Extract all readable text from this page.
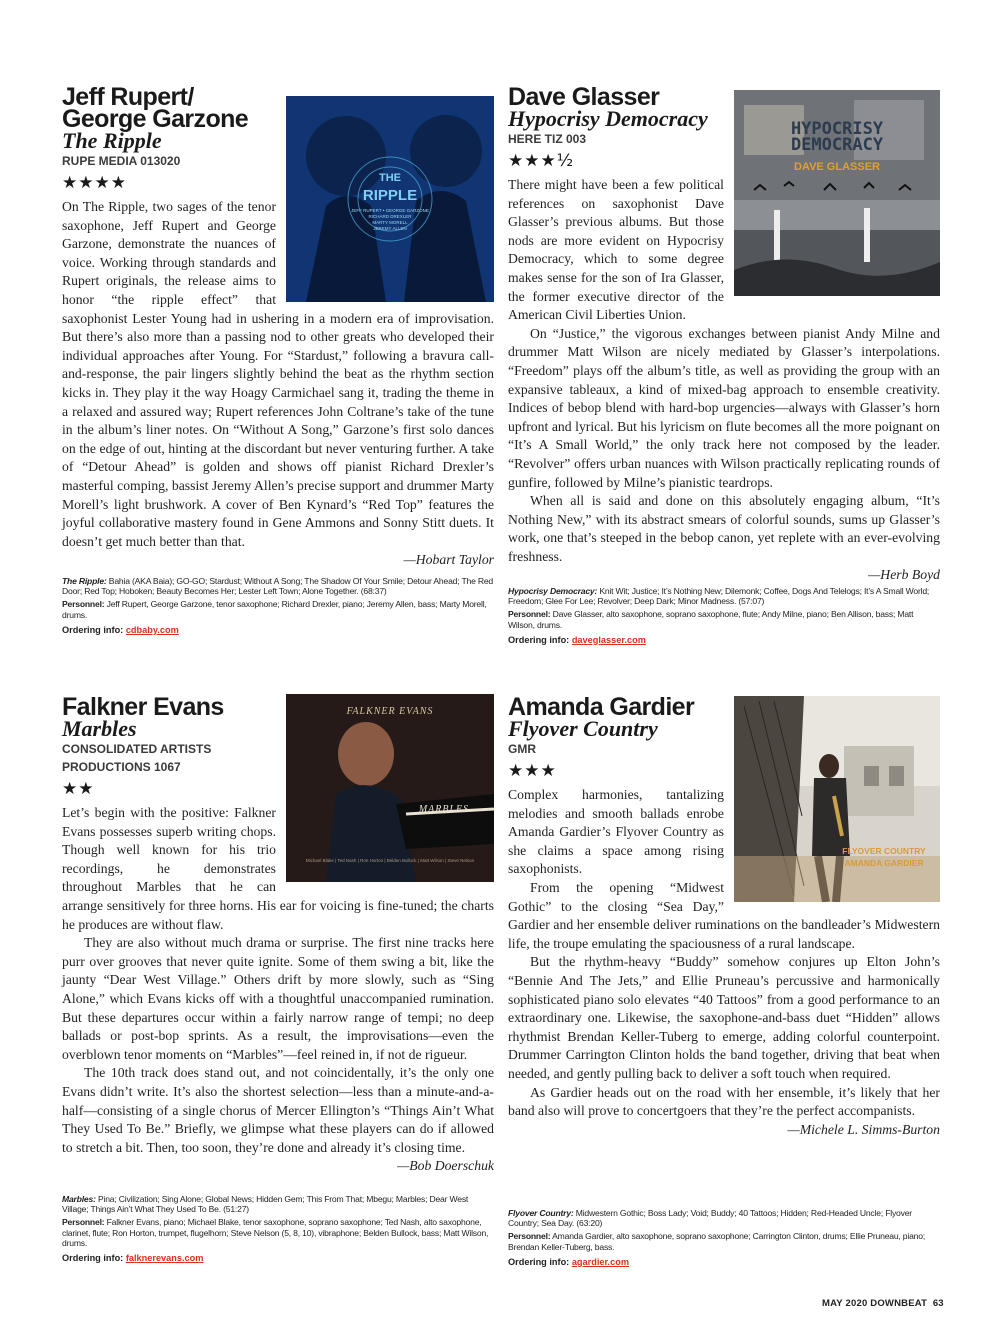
Jeff Rupert/ George Garzone
The Ripple
RUPE MEDIA 013020
★★★★	THE
RIPPLE
JEFF RUPERT • GEORGE GARZONE
RICHARD DREXLER
MARTY MORELL
JEREMY ALLEN

On The Ripple, two sages of the tenor saxophone, Jeff Rupert and George Garzone, demonstrate the nuances of voice. Working through standards and Rupert originals, the release aims to honor “the ripple effect” that saxophonist Lester Young had in ushering in a modern era of improvisation. But there’s also more than a passing nod to other greats who developed their individual approaches after Young. For “Stardust,” following a bravura call-and-response, the pair lingers slightly behind the beat as the rhythm section kicks in. They play it the way Hoagy Carmichael sang it, trading the theme in a relaxed and assured way; Rupert references John Coltrane’s take of the tune in the album’s liner notes. On “Without A Song,” Garzone’s first solo dances on the edge of out, hinting at the discordant but never venturing further. A take of “Detour Ahead” is golden and shows off pianist Richard Drexler’s masterful comping, bassist Jeremy Allen’s precise support and drummer Marty Morell’s light brushwork. A cover of Ben Kynard’s “Red Top” features the joyful collaborative mastery found in Gene Ammons and Sonny Stitt duets. It doesn’t get much better than that.

—Hobart Taylor

The Ripple: Bahia (AKA Baia); GO-GO; Stardust; Without A Song; The Shadow Of Your Smile; Detour Ahead; The Red Door; Red Top; Hoboken; Beauty Becomes Her; Lester Left Town; Alone Together. (68:37)

Personnel: Jeff Rupert, George Garzone, tenor saxophone; Richard Drexler, piano; Jeremy Allen, bass; Marty Morell, drums.

Ordering info: cdbaby.com

Dave Glasser
Hypocrisy Democracy
HERE TIZ 003
★★★½
HYPOCRISY
DEMOCRACY
DAVE GLASSER

There might have been a few political references on saxophonist Dave Glasser’s previous albums. But those nods are more evident on Hypocrisy Democracy, which to some degree makes sense for the son of Ira Glasser, the former executive director of the American Civil Liberties Union.

On “Justice,” the vigorous exchanges between pianist Andy Milne and drummer Matt Wilson are nicely mediated by Glasser’s interpolations. “Freedom” plays off the album’s title, as well as providing the group with an expansive tableaux, a kind of mixed-bag approach to ensemble creativity. Indices of bebop blend with hard-bop urgencies—always with Glasser’s horn upfront and lyrical. But his lyricism on flute becomes all the more poignant on “It’s A Small World,” the only track here not composed by the leader. “Revolver” offers urban nuances with Wilson practically replicating rounds of gunfire, followed by Milne’s pianistic teardrops.

When all is said and done on this absolutely engaging album, “It’s Nothing New,” with its abstract smears of colorful sounds, sums up Glasser’s work, one that’s steeped in the bebop canon, yet replete with an ever-evolving freshness.

—Herb Boyd

Hypocrisy Democracy: Knit Wit; Justice; It’s Nothing New; Dilemonk; Coffee, Dogs And Telelogs; It’s A Small World; Freedom; Glee For Lee; Revolver; Deep Dark; Minor Madness. (57:07)

Personnel: Dave Glasser, alto saxophone, soprano saxophone, flute; Andy Milne, piano; Ben Allison, bass; Matt Wilson, drums.

Ordering info: daveglasser.com

Falkner Evans
Marbles
CONSOLIDATED ARTISTS PRODUCTIONS 1067
★★
FALKNER EVANS
MARBLES
Michael Blake | Ted Nash | Ron Horton | Belden Bullock | Matt Wilson | Steve Nelson

Let’s begin with the positive: Falkner Evans possesses superb writing chops. Though well known for his trio recordings, he demonstrates throughout Marbles that he can arrange sensitively for three horns. His ear for voicing is fine-tuned; the charts he produces are without flaw.

They are also without much drama or surprise. The first nine tracks here purr over grooves that never quite ignite. Some of them swing a bit, like the jaunty “Dear West Village.” Others drift by more slowly, such as “Sing Alone,” which Evans kicks off with a thoughtful unaccompanied rumination. But these departures occur within a fairly narrow range of tempi; no deep ballads or post-bop sprints. As a result, the improvisations—even the overblown tenor moments on “Marbles”—feel reined in, if not de rigueur.

The 10th track does stand out, and not coincidentally, it’s the only one Evans didn’t write. It’s also the shortest selection—less than a minute-and-a-half—consisting of a single chorus of Mercer Ellington’s “Things Ain’t What They Used To Be.” Briefly, we glimpse what these players can do if allowed to stretch a bit. Then, too soon, they’re done and already it’s closing time.

—Bob Doerschuk

Marbles: Pina; Civilization; Sing Alone; Global News; Hidden Gem; This From That; Mbegu; Marbles; Dear West Village; Things Ain’t What They Used To Be. (51:27)

Personnel: Falkner Evans, piano; Michael Blake, tenor saxophone, soprano saxophone; Ted Nash, alto saxophone, clarinet, flute; Ron Horton, trumpet, flugelhorn; Steve Nelson (5, 8, 10), vibraphone; Belden Bullock, bass; Matt Wilson, drums.

Ordering info: falknerevans.com

Amanda Gardier
Flyover Country
GMR
★★★
FLYOVER COUNTRY
AMANDA GARDIER

Complex harmonies, tantalizing melodies and smooth ballads enrobe Amanda Gardier’s Flyover Country as she claims a space among rising saxophonists.

From the opening “Midwest Gothic” to the closing “Sea Day,” Gardier and her ensemble deliver ruminations on the bandleader’s Midwestern life, the troupe emulating the spaciousness of a rural landscape.

But the rhythm-heavy “Buddy” somehow conjures up Elton John’s “Bennie And The Jets,” and Ellie Pruneau’s percussive and harmonically sophisticated piano solo elevates “40 Tattoos” from a good performance to an extraordinary one. Likewise, the saxophone-and-bass duet “Hidden” allows rhythmist Brendan Keller-Tuberg to emerge, adding colorful counterpoint. Drummer Carrington Clinton holds the band together, driving that beat when needed, and gently pulling back to deliver a soft touch when required.

As Gardier heads out on the road with her ensemble, it’s likely that her band also will prove to concertgoers that they’re the perfect accompanists.

—Michele L. Simms-Burton

Flyover Country: Midwestern Gothic; Boss Lady; Void; Buddy; 40 Tattoos; Hidden; Red-Headed Uncle; Flyover Country; Sea Day. (63:20)

Personnel: Amanda Gardier, alto saxophone, soprano saxophone; Carrington Clinton, drums; Ellie Pruneau, piano; Brendan Keller-Tuberg, bass.

Ordering info: agardier.com

MAY 2020 DOWNBEAT 63
